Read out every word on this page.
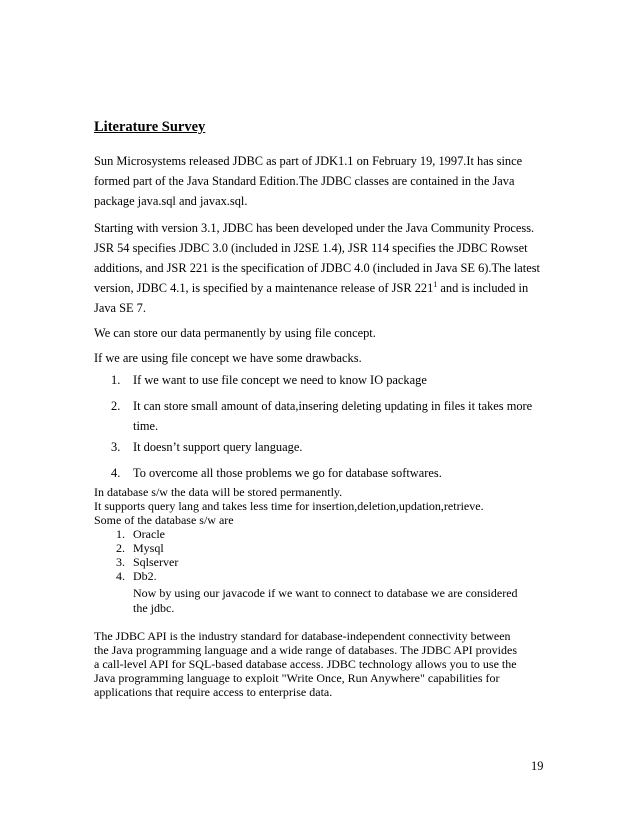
Literature Survey
Sun Microsystems released JDBC as part of JDK1.1 on February 19, 1997.It has since
formed part of the Java Standard Edition.The JDBC classes are contained in the Java
package java.sql and javax.sql.
Starting with version 3.1, JDBC has been developed under the Java Community Process.
JSR 54 specifies JDBC 3.0 (included in J2SE 1.4), JSR 114 specifies the JDBC Rowset
additions, and JSR 221 is the specification of JDBC 4.0 (included in Java SE 6).The latest
version, JDBC 4.1, is specified by a maintenance release of JSR $221^1$ and is included in
Java SE 7.
We can store our data permanently by using file concept.
If we are using file concept we have some drawbacks.
1. If we want to use file concept we need to know IO package
2. It can store small amount of data,insering deleting updating in files it takes more
time.
3. It doesn’t support query language.
4. To overcome all those problems we go for database softwares.
In database s/w the data will be stored permanently.
It supports query lang and takes less time for insertion,deletion,updation,retrieve.
Some of the database s/w are
1. Oracle
2. Mysql
3. Sqlserver
4. Db2.
Now by using our javacode if we want to connect to database we are considered
the jdbc.
The JDBC API is the industry standard for database-independent connectivity between
the Java programming language and a wide range of databases. The JDBC API provides
a call-level API for SQL-based database access. JDBC technology allows you to use the
Java programming language to exploit "Write Once, Run Anywhere" capabilities for
applications that require access to enterprise data.
19
